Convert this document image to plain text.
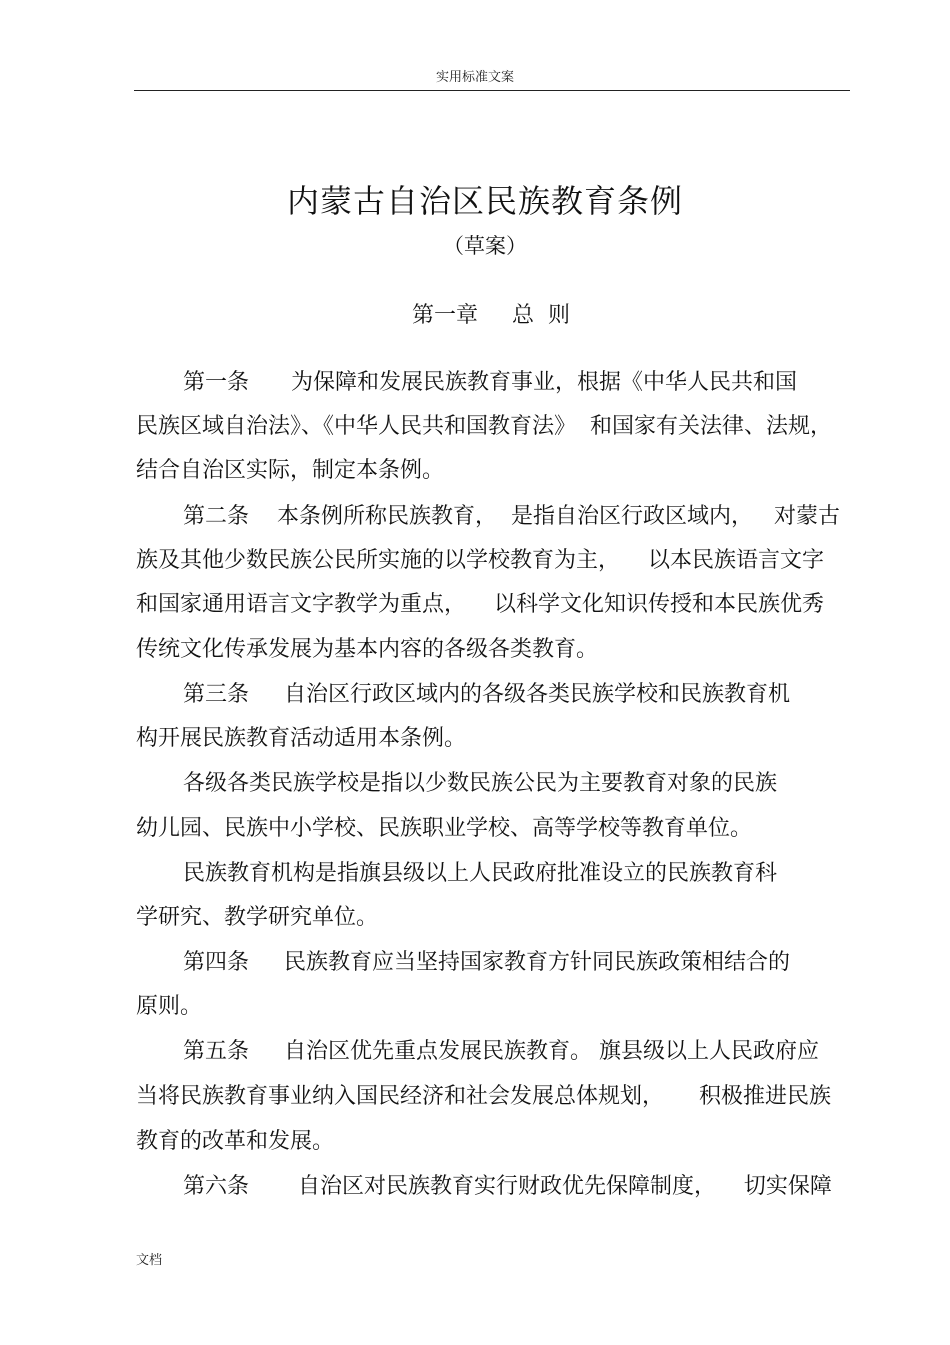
实用标准文案
内蒙古自治区民族教育条例
（草案）
第一章 总 则
第一条      为保障和发展民族教育事业，根据《中华人民共和国
民族区域自治法》、《中华人民共和国教育法》  和国家有关法律、法规，
结合自治区实际，制定本条例。
第二条    本条例所称民族教育，  是指自治区行政区域内，   对蒙古
族及其他少数民族公民所实施的以学校教育为主，    以本民族语言文字
和国家通用语言文字教学为重点，    以科学文化知识传授和本民族优秀
传统文化传承发展为基本内容的各级各类教育。
第三条     自治区行政区域内的各级各类民族学校和民族教育机
构开展民族教育活动适用本条例。
各级各类民族学校是指以少数民族公民为主要教育对象的民族
幼儿园、民族中小学校、民族职业学校、高等学校等教育单位。
民族教育机构是指旗县级以上人民政府批准设立的民族教育科
学研究、教学研究单位。
第四条     民族教育应当坚持国家教育方针同民族政策相结合的
原则。
第五条     自治区优先重点发展民族教育。 旗县级以上人民政府应
当将民族教育事业纳入国民经济和社会发展总体规划，     积极推进民族
教育的改革和发展。
第六条       自治区对民族教育实行财政优先保障制度，    切实保障
文档
